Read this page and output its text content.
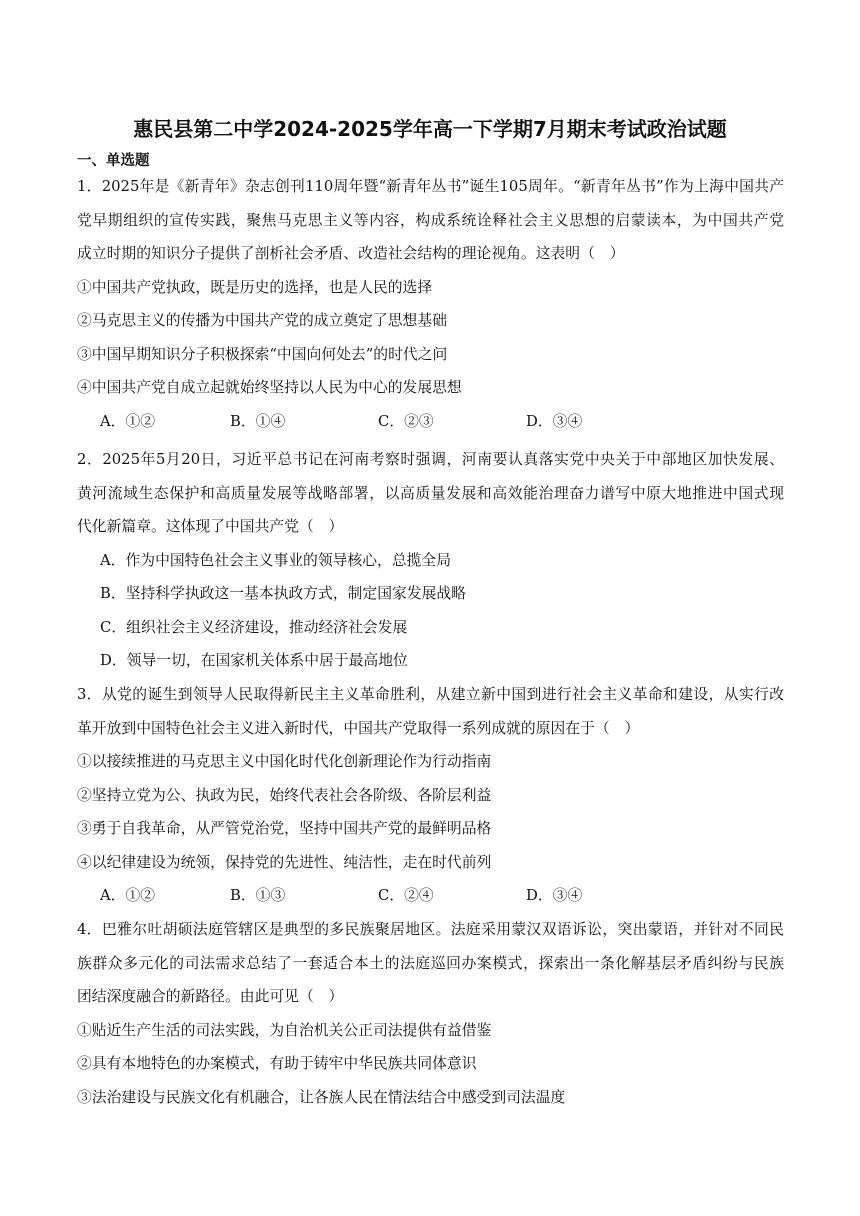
惠民县第二中学2024-2025学年高一下学期7月期末考试政治试题
一、单选题
1．2025年是《新青年》杂志创刊110周年暨“新青年丛书”诞生105周年。“新青年丛书”作为上海中国共产
党早期组织的宣传实践，聚焦马克思主义等内容，构成系统诠释社会主义思想的启蒙读本，为中国共产党
成立时期的知识分子提供了剖析社会矛盾、改造社会结构的理论视角。这表明（　）
①中国共产党执政，既是历史的选择，也是人民的选择
②马克思主义的传播为中国共产党的成立奠定了思想基础
③中国早期知识分子积极探索“中国向何处去”的时代之问
④中国共产党自成立起就始终坚持以人民为中心的发展思想
A．①②	B．①④	C．②③	D．③④
2．2025年5月20日，习近平总书记在河南考察时强调，河南要认真落实党中央关于中部地区加快发展、
黄河流域生态保护和高质量发展等战略部署，以高质量发展和高效能治理奋力谱写中原大地推进中国式现
代化新篇章。这体现了中国共产党（　）
A．作为中国特色社会主义事业的领导核心，总揽全局
B．坚持科学执政这一基本执政方式，制定国家发展战略
C．组织社会主义经济建设，推动经济社会发展
D．领导一切，在国家机关体系中居于最高地位
3．从党的诞生到领导人民取得新民主主义革命胜利，从建立新中国到进行社会主义革命和建设，从实行改
革开放到中国特色社会主义进入新时代，中国共产党取得一系列成就的原因在于（　）
①以接续推进的马克思主义中国化时代化创新理论作为行动指南
②坚持立党为公、执政为民，始终代表社会各阶级、各阶层利益
③勇于自我革命，从严管党治党，坚持中国共产党的最鲜明品格
④以纪律建设为统领，保持党的先进性、纯洁性，走在时代前列
A．①②	B．①③	C．②④	D．③④
4．巴雅尔吐胡硕法庭管辖区是典型的多民族聚居地区。法庭采用蒙汉双语诉讼，突出蒙语，并针对不同民
族群众多元化的司法需求总结了一套适合本土的法庭巡回办案模式，探索出一条化解基层矛盾纠纷与民族
团结深度融合的新路径。由此可见（　）
①贴近生产生活的司法实践，为自治机关公正司法提供有益借鉴
②具有本地特色的办案模式，有助于铸牢中华民族共同体意识
③法治建设与民族文化有机融合，让各族人民在情法结合中感受到司法温度
